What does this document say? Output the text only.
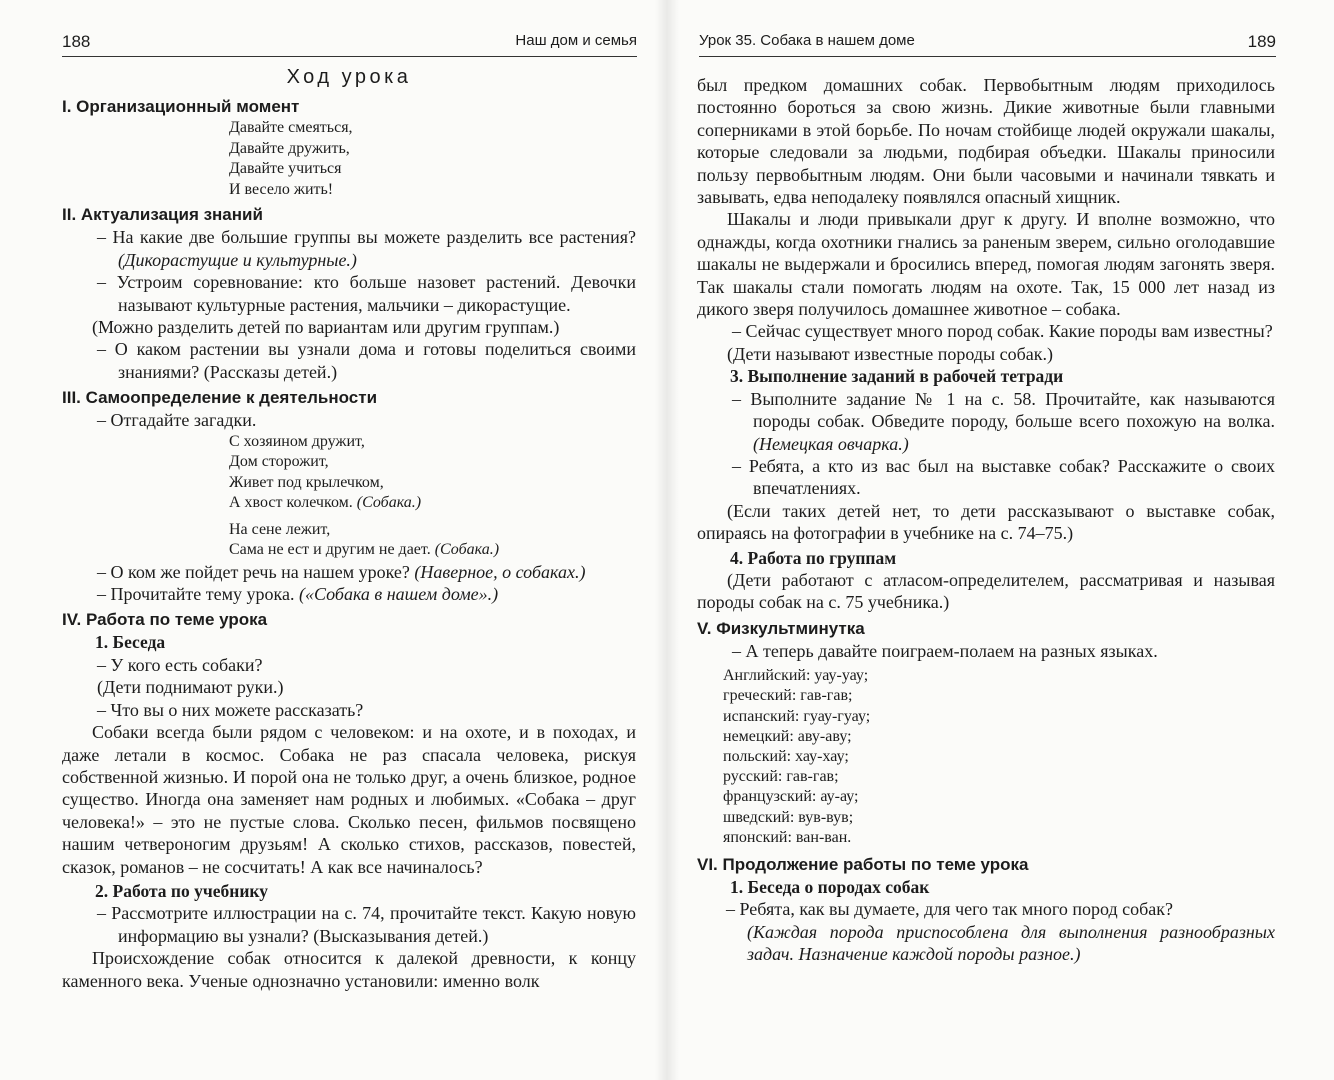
188	Наш дом и семья
Ход урока
I. Организационный момент
Давайте смеяться,
Давайте дружить,
Давайте учиться
И весело жить!
II. Актуализация знаний
– На какие две большие группы вы можете разделить все растения? (Дикорастущие и культурные.)
– Устроим соревнование: кто больше назовет растений. Девочки называют культурные растения, мальчики – дикорастущие.
(Можно разделить детей по вариантам или другим группам.)
– О каком растении вы узнали дома и готовы поделиться своими знаниями? (Рассказы детей.)
III. Самоопределение к деятельности
– Отгадайте загадки.
С хозяином дружит,
Дом сторожит,
Живет под крылечком,
А хвост колечком. (Собака.)
На сене лежит,
Сама не ест и другим не дает. (Собака.)
– О ком же пойдет речь на нашем уроке? (Наверное, о собаках.)
– Прочитайте тему урока. («Собака в нашем доме».)
IV. Работа по теме урока
1. Беседа
– У кого есть собаки?
(Дети поднимают руки.)
– Что вы о них можете рассказать?
Собаки всегда были рядом с человеком: и на охоте, и в походах, и даже летали в космос. Собака не раз спасала человека, рискуя собственной жизнью. И порой она не только друг, а очень близкое, родное существо. Иногда она заменяет нам родных и любимых. «Собака – друг человека!» – это не пустые слова. Сколько песен, фильмов посвящено нашим четвероногим друзьям! А сколько стихов, рассказов, повестей, сказок, романов – не сосчитать! А как все начиналось?
2. Работа по учебнику
– Рассмотрите иллюстрации на с. 74, прочитайте текст. Какую новую информацию вы узнали? (Высказывания детей.)
Происхождение собак относится к далекой древности, к концу каменного века. Ученые однозначно установили: именно волк
Урок 35. Собака в нашем доме	189
был предком домашних собак. Первобытным людям приходилось постоянно бороться за свою жизнь. Дикие животные были главными соперниками в этой борьбе. По ночам стойбище людей окружали шакалы, которые следовали за людьми, подбирая объедки. Шакалы приносили пользу первобытным людям. Они были часовыми и начинали тявкать и завывать, едва неподалеку появлялся опасный хищник.
Шакалы и люди привыкали друг к другу. И вполне возможно, что однажды, когда охотники гнались за раненым зверем, сильно оголодавшие шакалы не выдержали и бросились вперед, помогая людям загонять зверя. Так шакалы стали помогать людям на охоте. Так, 15 000 лет назад из дикого зверя получилось домашнее животное – собака.
– Сейчас существует много пород собак. Какие породы вам известны?
(Дети называют известные породы собак.)
3. Выполнение заданий в рабочей тетради
– Выполните задание № 1 на с. 58. Прочитайте, как называются породы собак. Обведите породу, больше всего похожую на волка. (Немецкая овчарка.)
– Ребята, а кто из вас был на выставке собак? Расскажите о своих впечатлениях.
(Если таких детей нет, то дети рассказывают о выставке собак, опираясь на фотографии в учебнике на с. 74–75.)
4. Работа по группам
(Дети работают с атласом-определителем, рассматривая и называя породы собак на с. 75 учебника.)
V. Физкультминутка
– А теперь давайте поиграем-полаем на разных языках.
Английский: уау-уау;
греческий: гав-гав;
испанский: гуау-гуау;
немецкий: аву-аву;
польский: хау-хау;
русский: гав-гав;
французский: ау-ау;
шведский: вув-вув;
японский: ван-ван.
VI. Продолжение работы по теме урока
1. Беседа о породах собак
– Ребята, как вы думаете, для чего так много пород собак?
(Каждая порода приспособлена для выполнения разнообразных задач. Назначение каждой породы разное.)
